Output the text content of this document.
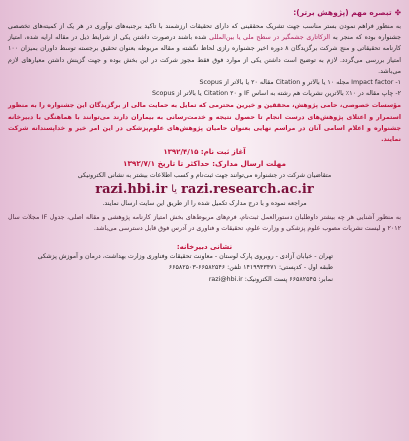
✤تبصره مهم (پژوهش برتر):

به منظور فراهم نمودن بستر مناسب جهت تشریک محققینی که دارای تحقیقات ارزشمند با تاکید برجنبه‌های نوآوری در هر یک از کمیته‌های تخصصی جشنواره بوده که منجر به الزکاتاری جشمگیر در سطح ملی یا بین‌المللی شده باشند درصورت داشتن یکی از شرایط ذیل در مقاله ارایه شده، امتیاز کارنامه تحقیقاتی و منج شرکت برگزیدگان ۸ دوره اخیر جشنواره رازی لحاظ نگشته و مقاله مربوطه بعنوان تحقیق برجسته توسط داوران بمیزان ۱۰۰ امتیاز بررسی می‌گردد. لازم به توضیح است داشتن یکی از موارد فوق فقط مجوز شرکت در این بخش بوده و جهت گزینش داشتن معیارهای لازم می‌باشد.

۱- Impact factor مجله ۱۰ یا بالاتر و Citation مقاله ۲۰ یا بالاتر از Scopus
۲- چاپ مقاله در ۱۰٪ بالاترین نشریات هم رشته به اساس IF و Citation ۲۰ یا بالاتر از Scopus

مؤسسات خصوصی، حامی پژوهش، محققین و خیرین محترمی که تمایل به حمایت مالی از برگزیدگان این جشنواره را به منظور استمرار و اعتلای پژوهش‌های درست انجام تا حصول نتیجه و خدمت‌رسانی به بیماران دارند می‌توانند با هماهنگی با دبیرخانه جشنواره و اعلام اسامی آنان در مراسم نهایی بعنوان حامیان پژوهش‌های علوم‌پزشکی در این امر خیر و خداپسندانه شرکت نمایند.

آغاز ثبت نام: ۱۳۹۲/۴/۱۵
مهلت ارسال مدارک: حداکثر تا تاریخ ۱۳۹۲/۷/۱
متقاضیان شرکت در جشنواره می‌توانند جهت ثبت‌نام و کسب اطلاعات بیشتر به نشانی الکترونیکی
razi.hbi.ir یا razi.research.ac.ir
مراجعه نموده و با درج مدارک تکمیل شده را از طریق این سایت ارسال نمایند.

به منظور آشنایی هر چه بیشتر داوطلبان دستورالعمل ثبت‌نام، فرم‌های مربوط‌های بخش امتیاز کارنامه پژوهشی و مقاله اصلی، جدول IF مجلات سال ۲۰۱۲ و لیست نشریات مصوب علوم پزشکی و وزارت علوم، تحقیقات و فناوری در آدرس فوق قابل دسترسی می‌باشد.

نشانی دبیرخانه:
تهران - خیابان آزادی - روبروی پارک لوستان - معاونت تحقیقات وفناوری وزارت بهداشت، درمان و آموزش پزشکی
طبقه اول - کدپستی: ۱۴۱۹۹۴۳۴۷۱ تلفن: ۶۶۵۸۲۵۴۶-۶۶۵۸۲۵۰۳
نمابر: ۶۶۵۸۲۵۴۵ پست الکترونیک: razi@hbi.ir
